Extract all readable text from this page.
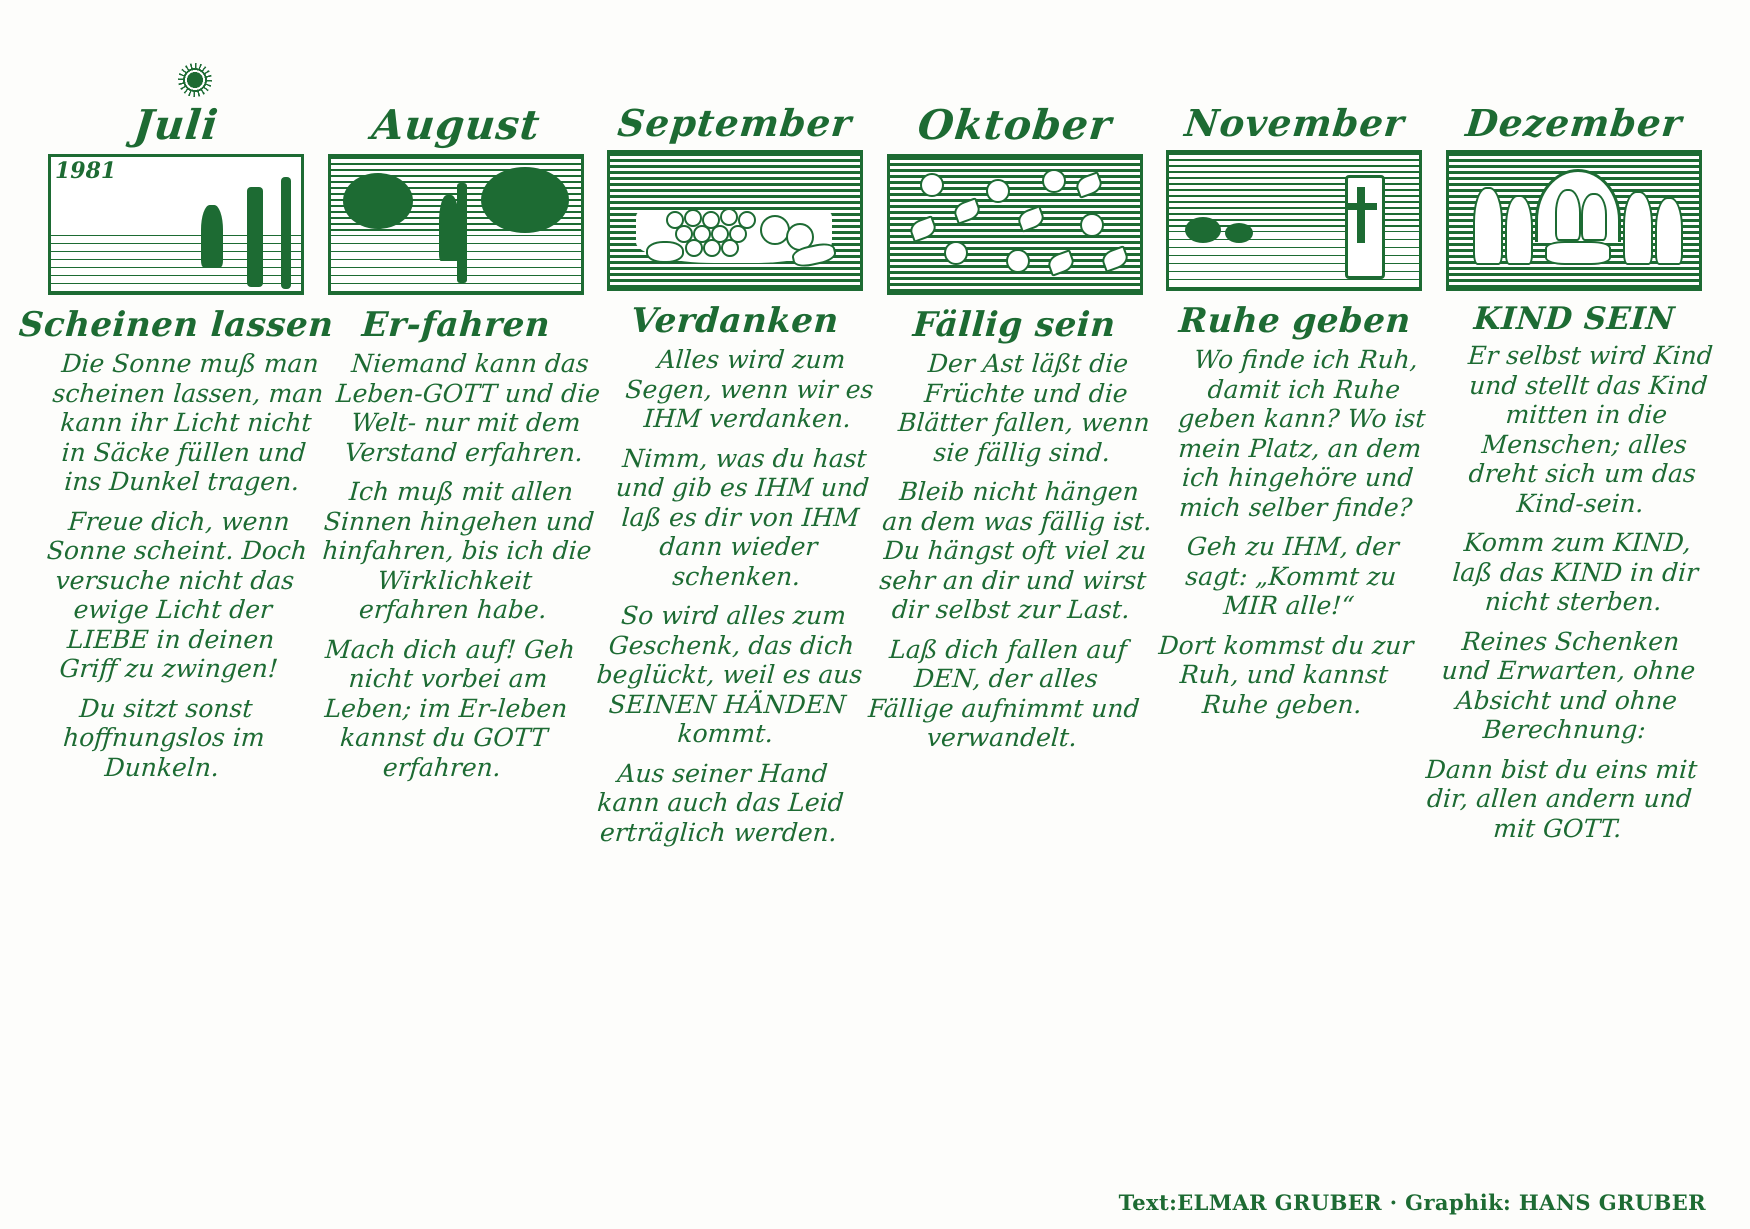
Juli
1981
Scheinen lassen

Die Sonne muß man scheinen lassen, man kann ihr Licht nicht in Säcke füllen und ins Dunkel tragen.

Freue dich, wenn Sonne scheint. Doch versuche nicht das ewige Licht der LIEBE in deinen Griff zu zwingen!

Du sitzt sonst hoffnungslos im Dunkeln.

August
Er-fahren

Niemand kann das Leben-GOTT und die Welt- nur mit dem Verstand erfahren.

Ich muß mit allen Sinnen hingehen und hinfahren, bis ich die Wirklichkeit erfahren habe.

Mach dich auf! Geh nicht vorbei am Leben; im Er-leben kannst du GOTT erfahren.

September
Verdanken

Alles wird zum Segen, wenn wir es IHM verdanken.

Nimm, was du hast und gib es IHM und laß es dir von IHM dann wieder schenken.

So wird alles zum Geschenk, das dich beglückt, weil es aus SEINEN HÄNDEN kommt.

Aus seiner Hand kann auch das Leid erträglich werden.

Oktober
Fällig sein

Der Ast läßt die Früchte und die Blätter fallen, wenn sie fällig sind.

Bleib nicht hängen an dem was fällig ist. Du hängst oft viel zu sehr an dir und wirst dir selbst zur Last.

Laß dich fallen auf DEN, der alles Fällige aufnimmt und verwandelt.

November
Ruhe geben

Wo finde ich Ruh, damit ich Ruhe geben kann? Wo ist mein Platz, an dem ich hingehöre und mich selber finde?

Geh zu IHM, der sagt: „Kommt zu MIR alle!“

Dort kommst du zur Ruh, und kannst Ruhe geben.

Dezember
KIND SEIN

Er selbst wird Kind und stellt das Kind mitten in die Menschen; alles dreht sich um das Kind-sein.

Komm zum KIND, laß das KIND in dir nicht sterben.

Reines Schenken und Erwarten, ohne Absicht und ohne Berechnung:

Dann bist du eins mit dir, allen andern und mit GOTT.

Text:ELMAR GRUBER · Graphik: HANS GRUBER
